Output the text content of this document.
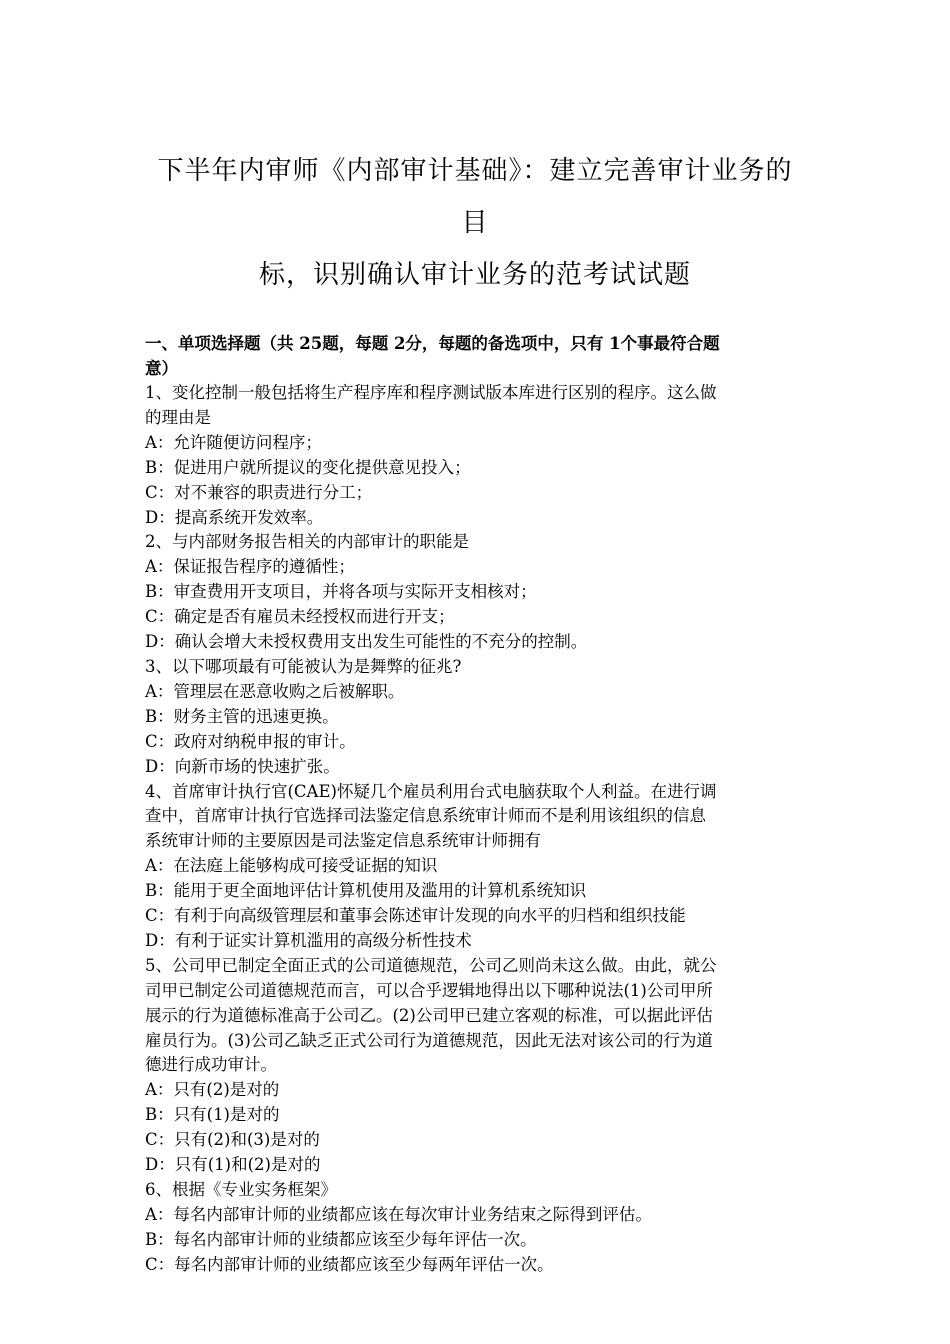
下半年内审师《内部审计基础》：建立完善审计业务的目
标，识别确认审计业务的范考试试题

一、单项选择题（共 25题，每题 2分，每题的备选项中，只有 1个事最符合题

意）

1、变化控制一般包括将生产程序库和程序测试版本库进行区别的程序。这么做

的理由是

A：允许随便访问程序；

B：促进用户就所提议的变化提供意见投入；

C：对不兼容的职责进行分工；

D：提高系统开发效率。

2、与内部财务报告相关的内部审计的职能是

A：保证报告程序的遵循性；

B：审查费用开支项目，并将各项与实际开支相核对；

C：确定是否有雇员未经授权而进行开支；

D：确认会增大未授权费用支出发生可能性的不充分的控制。

3、以下哪项最有可能被认为是舞弊的征兆?

A：管理层在恶意收购之后被解职。

B：财务主管的迅速更换。

C：政府对纳税申报的审计。

D：向新市场的快速扩张。

4、首席审计执行官(CAE)怀疑几个雇员利用台式电脑获取个人利益。在进行调

查中，首席审计执行官选择司法鉴定信息系统审计师而不是利用该组织的信息

系统审计师的主要原因是司法鉴定信息系统审计师拥有

A：在法庭上能够构成可接受证据的知识

B：能用于更全面地评估计算机使用及滥用的计算机系统知识

C：有利于向高级管理层和董事会陈述审计发现的向水平的归档和组织技能

D：有利于证实计算机滥用的高级分析性技术

5、公司甲已制定全面正式的公司道德规范，公司乙则尚未这么做。由此，就公

司甲已制定公司道德规范而言，可以合乎逻辑地得出以下哪种说法(1)公司甲所

展示的行为道德标准高于公司乙。(2)公司甲已建立客观的标准，可以据此评估

雇员行为。(3)公司乙缺乏正式公司行为道德规范，因此无法对该公司的行为道

德进行成功审计。

A：只有(2)是对的

B：只有(1)是对的

C：只有(2)和(3)是对的

D：只有(1)和(2)是对的

6、根据《专业实务框架》

A：每名内部审计师的业绩都应该在每次审计业务结束之际得到评估。

B：每名内部审计师的业绩都应该至少每年评估一次。

C：每名内部审计师的业绩都应该至少每两年评估一次。
